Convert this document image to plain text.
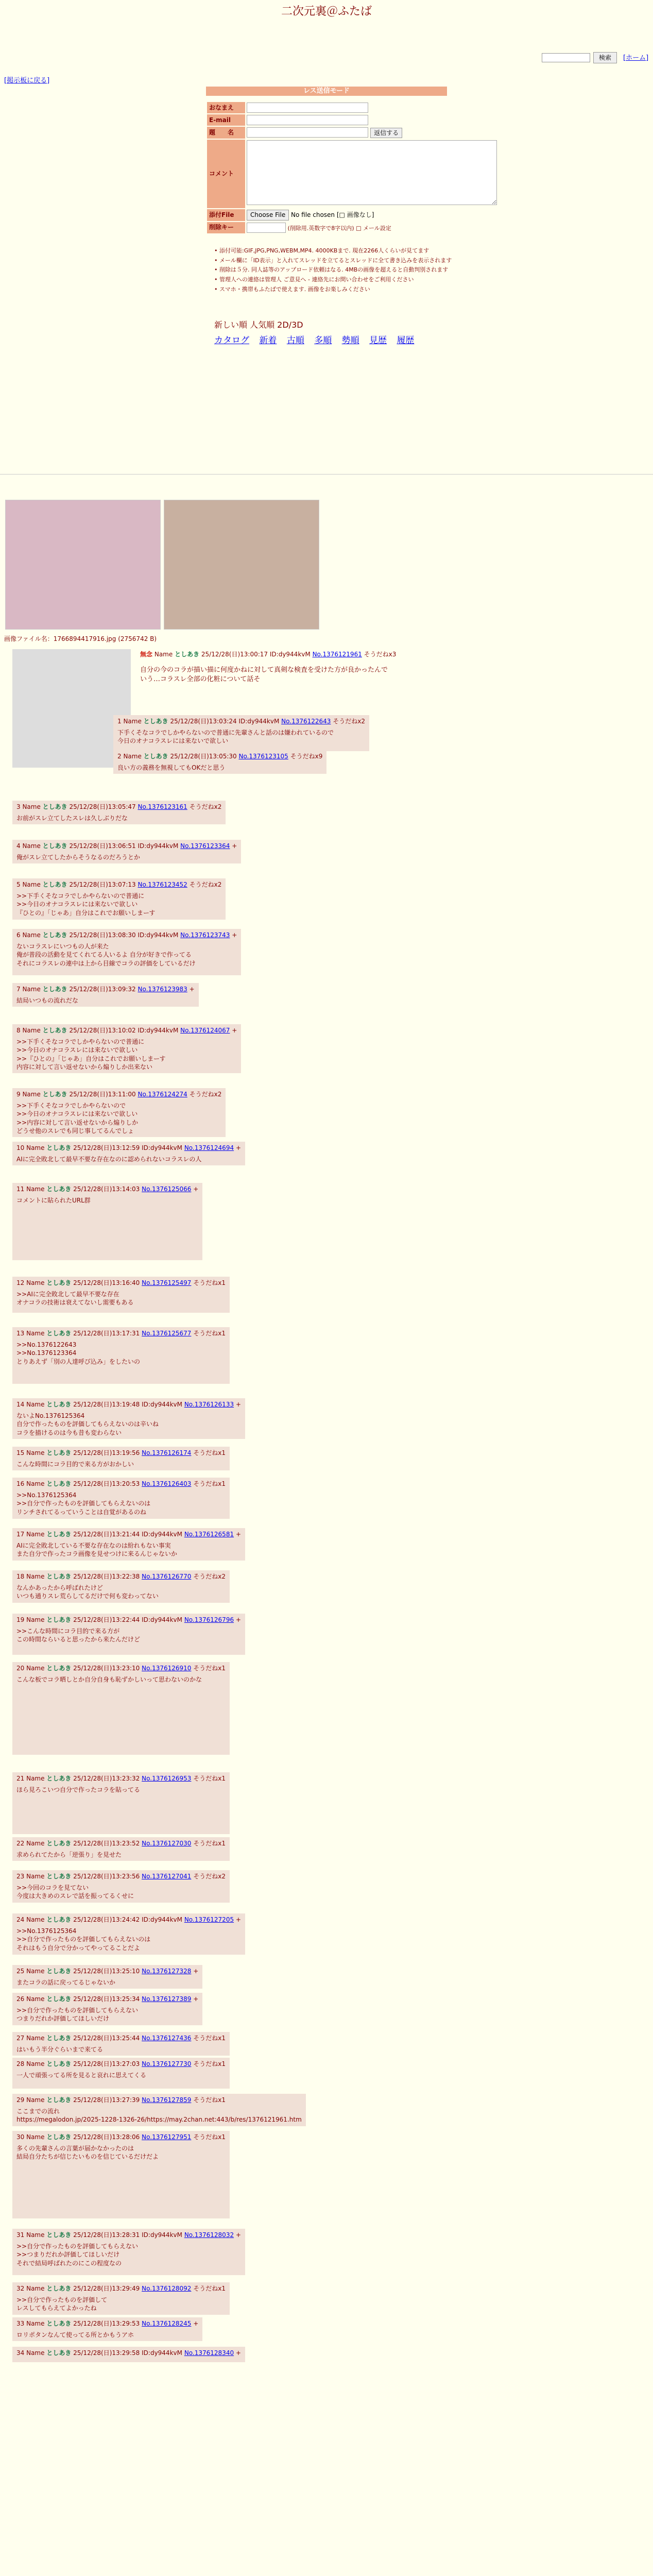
二次元裏＠ふたば
検索	[ホーム]
[掲示板に戻る]
レス送信モード
おなまえ	
E-mail	
題　　名	返信する
コメント	
添付File	Choose File No file chosen [□ 画像なし]
削除キー	(削除用.英数字で8字以内) □ メール設定
• 添付可能:GIF,JPG,PNG,WEBM,MP4. 4000KBまで. 現在2266人くらいが見てます
• メール欄に「ID表示」と入れてスレッドを立てるとスレッドに全て書き込みを表示されます
• 削除は５分. 同人誌等のアップロード依頼はなる. 4MBの画像を超えると自動判別されます
• 管理人への連絡は管理人 ご意見へ - 連絡先にお問い合わせをご利用ください
• スマホ・携帯もふたばで使えます. 画像をお楽しみください
新しい順 人気順 2D/3D
カタログ 新着 古順 多順 勢順 見歴 履歴
画像ファイル名：1766894417916.jpg (2756742 B)
無念 Name としあき 25/12/28(日)13:00:17 ID:dy944kvM No.1376121961 そうだねx3
自分の今のコラが描い描に何度かねに対して真剣な検査を受けた方が良かったんで
いう…コラスレ全部の化粧について話そ
1 Name としあき 25/12/28(日)13:03:24 ID:dy944kvM No.1376122643 そうだねx2
下手くそなコラでしかやらないので普通に先輩さんと話のは嫌われているので
今日のオナコラスレには来ないで欲しい
2 Name としあき 25/12/28(日)13:05:30 No.1376123105 そうだねx9
良い方の義務を無視してもOKだと思う
3 Name としあき 25/12/28(日)13:05:47 No.1376123161 そうだねx2
お前がスレ立てしたスレは久しぶりだな
4 Name としあき 25/12/28(日)13:06:51 ID:dy944kvM No.1376123364 +
俺がスレ立てしたからそうなるのだろうとか
5 Name としあき 25/12/28(日)13:07:13 No.1376123452 そうだねx2
>>下手くそなコラでしかやらないので普通に
>>今日のオナコラスレには来ないで欲しい
『ひとの』「じゃあ」自分はこれでお願いしまーす
6 Name としあき 25/12/28(日)13:08:30 ID:dy944kvM No.1376123743 +
ないコラスレにいつもの人が来た
俺が普段の活動を見てくれてる人いるよ 自分が好きで作ってる
それにコラスレの連中は上から目線でコラの評価をしているだけ
7 Name としあき 25/12/28(日)13:09:32 No.1376123983 +
結局いつもの流れだな
8 Name としあき 25/12/28(日)13:10:02 ID:dy944kvM No.1376124067 +
>>下手くそなコラでしかやらないので普通に
>>今日のオナコラスレには来ないで欲しい
>>『ひとの』「じゃあ」自分はこれでお願いしまーす
内容に対して言い返せないから煽りしか出来ない
9 Name としあき 25/12/28(日)13:11:00 No.1376124274 そうだねx2
>>下手くそなコラでしかやらないので
>>今日のオナコラスレには来ないで欲しい
>>内容に対して言い返せないから煽りしか
どうせ他のスレでも同じ事してるんでしょ
10 Name としあき 25/12/28(日)13:12:59 ID:dy944kvM No.1376124694 +
AIに完全敗北して最早不要な存在なのに認められないコラスレの人
11 Name としあき 25/12/28(日)13:14:03 No.1376125066 +
コメントに貼られたURL群
12 Name としあき 25/12/28(日)13:16:40 No.1376125497 そうだねx1
>>AIに完全敗北して最早不要な存在
オナコラの技術は衰えてないし需要もある
13 Name としあき 25/12/28(日)13:17:31 No.1376125677 そうだねx1
>>No.1376122643
>>No.1376123364
とりあえず「別の人達呼び込み」をしたいの
14 Name としあき 25/12/28(日)13:19:48 ID:dy944kvM No.1376126133 +
ないよNo.1376125364
自分で作ったものを評価してもらえないのは辛いね
コラを描けるのは今も昔も変わらない
15 Name としあき 25/12/28(日)13:19:56 No.1376126174 そうだねx1
こんな時間にコラ目的で来る方がおかしい
16 Name としあき 25/12/28(日)13:20:53 No.1376126403 そうだねx1
>>No.1376125364
>>自分で作ったものを評価してもらえないのは
リンチされてるっていうことは自覚があるのね
17 Name としあき 25/12/28(日)13:21:44 ID:dy944kvM No.1376126581 +
AIに完全敗北している不要な存在なのは紛れもない事実
また自分で作ったコラ画像を見せつけに来るんじゃないか
18 Name としあき 25/12/28(日)13:22:38 No.1376126770 そうだねx2
なんかあったから呼ばれたけど
いつも通りスレ荒らしてるだけで何も変わってない
19 Name としあき 25/12/28(日)13:22:44 ID:dy944kvM No.1376126796 +
>>こんな時間にコラ目的で来る方が
この時間ならいると思ったから来たんだけど
20 Name としあき 25/12/28(日)13:23:10 No.1376126910 そうだねx1
こんな板でコラ晒しとか自分自身も恥ずかしいって思わないのかな
21 Name としあき 25/12/28(日)13:23:32 No.1376126953 そうだねx1
ほら見ろこいつ自分で作ったコラを貼ってる
22 Name としあき 25/12/28(日)13:23:52 No.1376127030 そうだねx1
求められてたから「逆張り」を見せた
23 Name としあき 25/12/28(日)13:23:56 No.1376127041 そうだねx2
>>今回のコラを見てない
今度は大きめのスレで話を振ってるくせに
24 Name としあき 25/12/28(日)13:24:42 ID:dy944kvM No.1376127205 +
>>No.1376125364
>>自分で作ったものを評価してもらえないのは
それはもう自分で分かってやってることだよ
25 Name としあき 25/12/28(日)13:25:10 No.1376127328 +
またコラの話に戻ってるじゃないか
26 Name としあき 25/12/28(日)13:25:34 No.1376127389 +
>>自分で作ったものを評価してもらえない
つまりだれか評価してほしいだけ
27 Name としあき 25/12/28(日)13:25:44 No.1376127436 そうだねx1
はいもう半分ぐらいまで来てる
28 Name としあき 25/12/28(日)13:27:03 No.1376127730 そうだねx1
一人で頑張ってる所を見ると哀れに思えてくる
29 Name としあき 25/12/28(日)13:27:39 No.1376127859 そうだねx1
ここまでの流れ
https://megalodon.jp/2025-1228-1326-26/https://may.2chan.net:443/b/res/1376121961.htm
30 Name としあき 25/12/28(日)13:28:06 No.1376127951 そうだねx1
多くの先輩さんの言葉が届かなかったのは
結局自分たちが信じたいものを信じているだけだよ
31 Name としあき 25/12/28(日)13:28:31 ID:dy944kvM No.1376128032 +
>>自分で作ったものを評価してもらえない
>>つまりだれか評価してほしいだけ
それで結局呼ばれたのにこの程度なの
32 Name としあき 25/12/28(日)13:29:49 No.1376128092 そうだねx1
>>自分で作ったものを評価して
レスしてもらえてよかったね
33 Name としあき 25/12/28(日)13:29:53 No.1376128245 +
ロリポタンなんて使ってる所とかもうアホ
34 Name としあき 25/12/28(日)13:29:58 ID:dy944kvM No.1376128340 +
